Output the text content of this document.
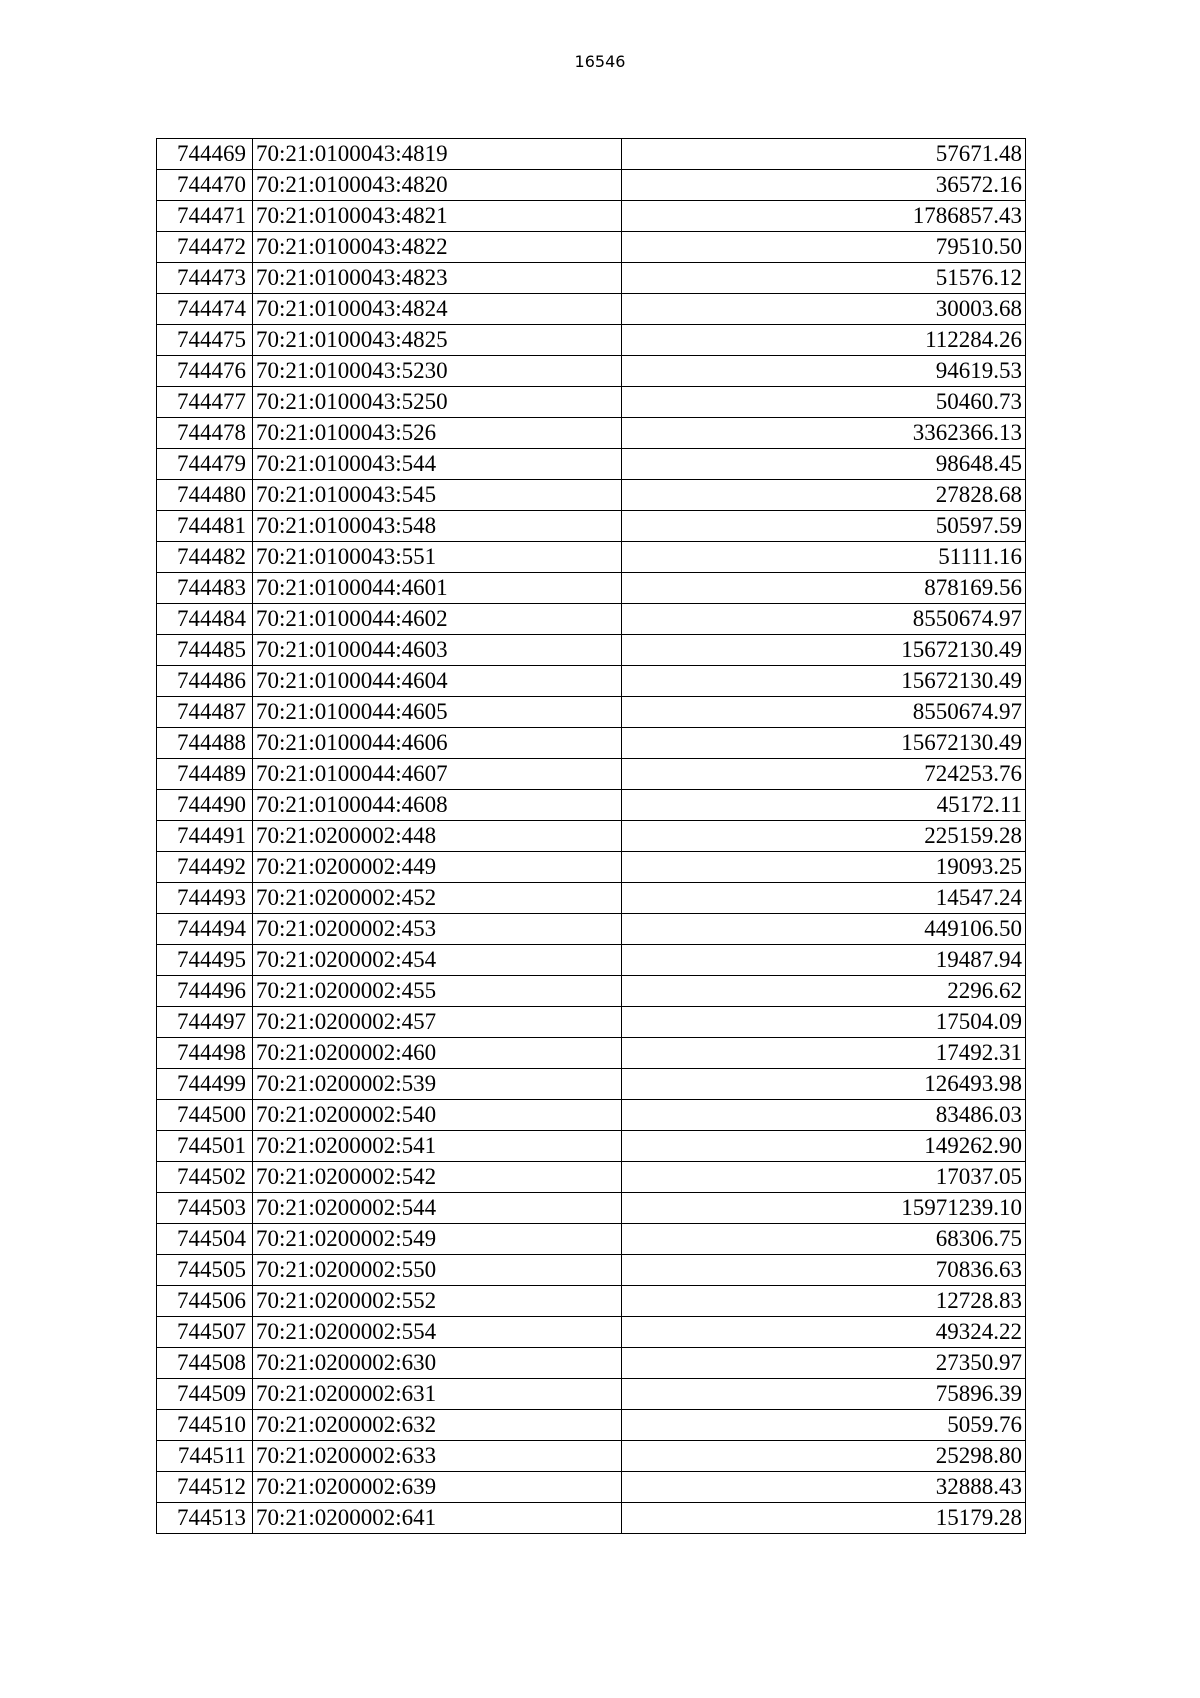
16546
744469	70:21:0100043:4819	57671.48
744470	70:21:0100043:4820	36572.16
744471	70:21:0100043:4821	1786857.43
744472	70:21:0100043:4822	79510.50
744473	70:21:0100043:4823	51576.12
744474	70:21:0100043:4824	30003.68
744475	70:21:0100043:4825	112284.26
744476	70:21:0100043:5230	94619.53
744477	70:21:0100043:5250	50460.73
744478	70:21:0100043:526	3362366.13
744479	70:21:0100043:544	98648.45
744480	70:21:0100043:545	27828.68
744481	70:21:0100043:548	50597.59
744482	70:21:0100043:551	51111.16
744483	70:21:0100044:4601	878169.56
744484	70:21:0100044:4602	8550674.97
744485	70:21:0100044:4603	15672130.49
744486	70:21:0100044:4604	15672130.49
744487	70:21:0100044:4605	8550674.97
744488	70:21:0100044:4606	15672130.49
744489	70:21:0100044:4607	724253.76
744490	70:21:0100044:4608	45172.11
744491	70:21:0200002:448	225159.28
744492	70:21:0200002:449	19093.25
744493	70:21:0200002:452	14547.24
744494	70:21:0200002:453	449106.50
744495	70:21:0200002:454	19487.94
744496	70:21:0200002:455	2296.62
744497	70:21:0200002:457	17504.09
744498	70:21:0200002:460	17492.31
744499	70:21:0200002:539	126493.98
744500	70:21:0200002:540	83486.03
744501	70:21:0200002:541	149262.90
744502	70:21:0200002:542	17037.05
744503	70:21:0200002:544	15971239.10
744504	70:21:0200002:549	68306.75
744505	70:21:0200002:550	70836.63
744506	70:21:0200002:552	12728.83
744507	70:21:0200002:554	49324.22
744508	70:21:0200002:630	27350.97
744509	70:21:0200002:631	75896.39
744510	70:21:0200002:632	5059.76
744511	70:21:0200002:633	25298.80
744512	70:21:0200002:639	32888.43
744513	70:21:0200002:641	15179.28
